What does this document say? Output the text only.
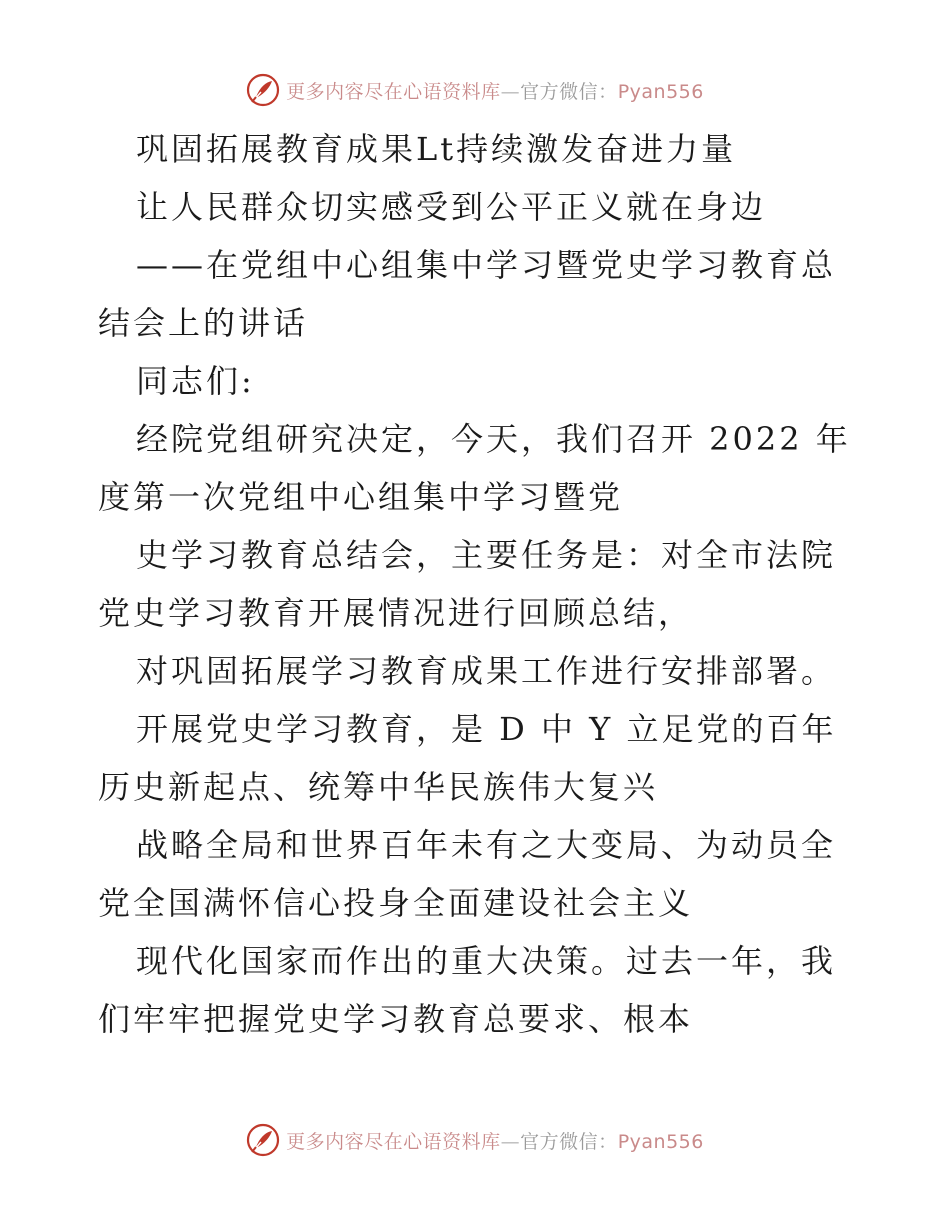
更多内容尽在心语资料库—官方微信：Pyan556

巩固拓展教育成果Lt持续激发奋进力量

让人民群众切实感受到公平正义就在身边

——在党组中心组集中学习暨党史学习教育总结会上的讲话

同志们:

经院党组研究决定，今天，我们召开 2022 年度第一次党组中心组集中学习暨党

史学习教育总结会，主要任务是：对全市法院党史学习教育开展情况进行回顾总结，

对巩固拓展学习教育成果工作进行安排部署。

开展党史学习教育，是 D 中 Y 立足党的百年历史新起点、统筹中华民族伟大复兴

战略全局和世界百年未有之大变局、为动员全党全国满怀信心投身全面建设社会主义

现代化国家而作出的重大决策。过去一年，我们牢牢把握党史学习教育总要求、根本

更多内容尽在心语资料库—官方微信：Pyan556
